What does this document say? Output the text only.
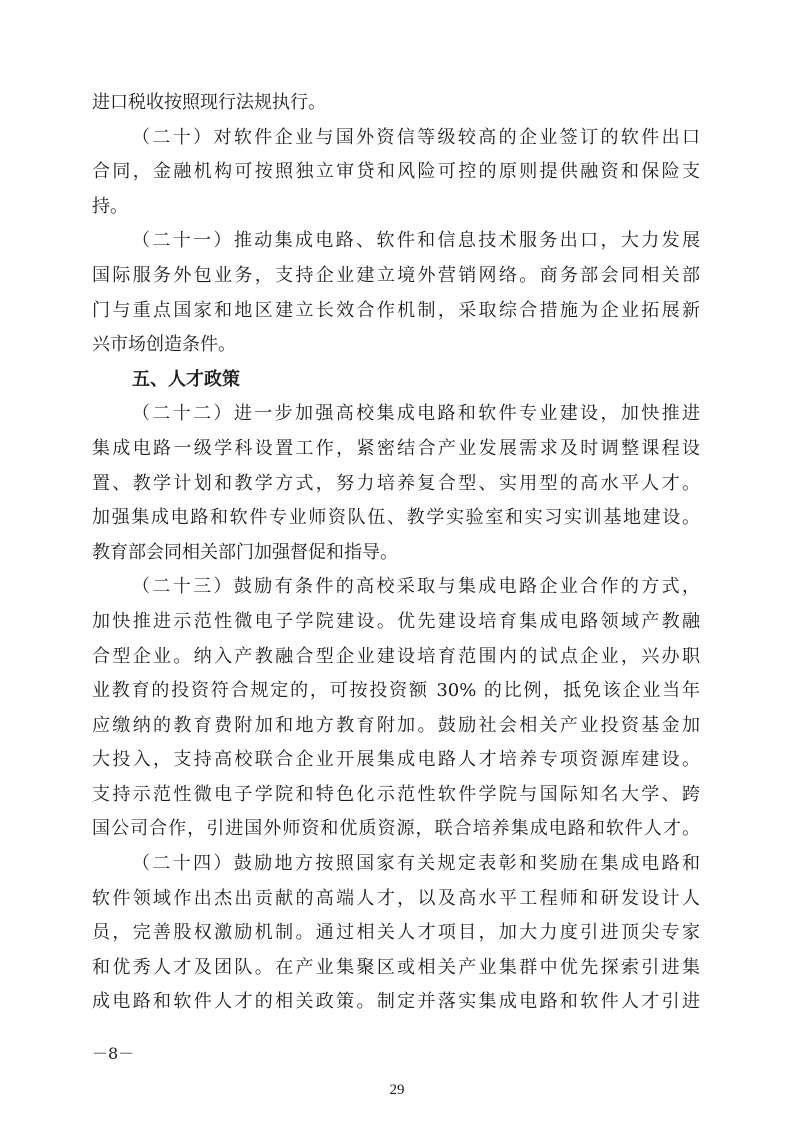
进口税收按照现行法规执行。
（二十）对软件企业与国外资信等级较高的企业签订的软件出口
合同，金融机构可按照独立审贷和风险可控的原则提供融资和保险支
持。
（二十一）推动集成电路、软件和信息技术服务出口，大力发展
国际服务外包业务，支持企业建立境外营销网络。商务部会同相关部
门与重点国家和地区建立长效合作机制，采取综合措施为企业拓展新
兴市场创造条件。
五、人才政策
（二十二）进一步加强高校集成电路和软件专业建设，加快推进
集成电路一级学科设置工作，紧密结合产业发展需求及时调整课程设
置、教学计划和教学方式，努力培养复合型、实用型的高水平人才。
加强集成电路和软件专业师资队伍、教学实验室和实习实训基地建设。
教育部会同相关部门加强督促和指导。
（二十三）鼓励有条件的高校采取与集成电路企业合作的方式，
加快推进示范性微电子学院建设。优先建设培育集成电路领域产教融
合型企业。纳入产教融合型企业建设培育范围内的试点企业，兴办职
业教育的投资符合规定的，可按投资额 30% 的比例，抵免该企业当年
应缴纳的教育费附加和地方教育附加。鼓励社会相关产业投资基金加
大投入，支持高校联合企业开展集成电路人才培养专项资源库建设。
支持示范性微电子学院和特色化示范性软件学院与国际知名大学、跨
国公司合作，引进国外师资和优质资源，联合培养集成电路和软件人才。
（二十四）鼓励地方按照国家有关规定表彰和奖励在集成电路和
软件领域作出杰出贡献的高端人才，以及高水平工程师和研发设计人
员，完善股权激励机制。通过相关人才项目，加大力度引进顶尖专家
和优秀人才及团队。在产业集聚区或相关产业集群中优先探索引进集
成电路和软件人才的相关政策。制定并落实集成电路和软件人才引进
－8－
29
